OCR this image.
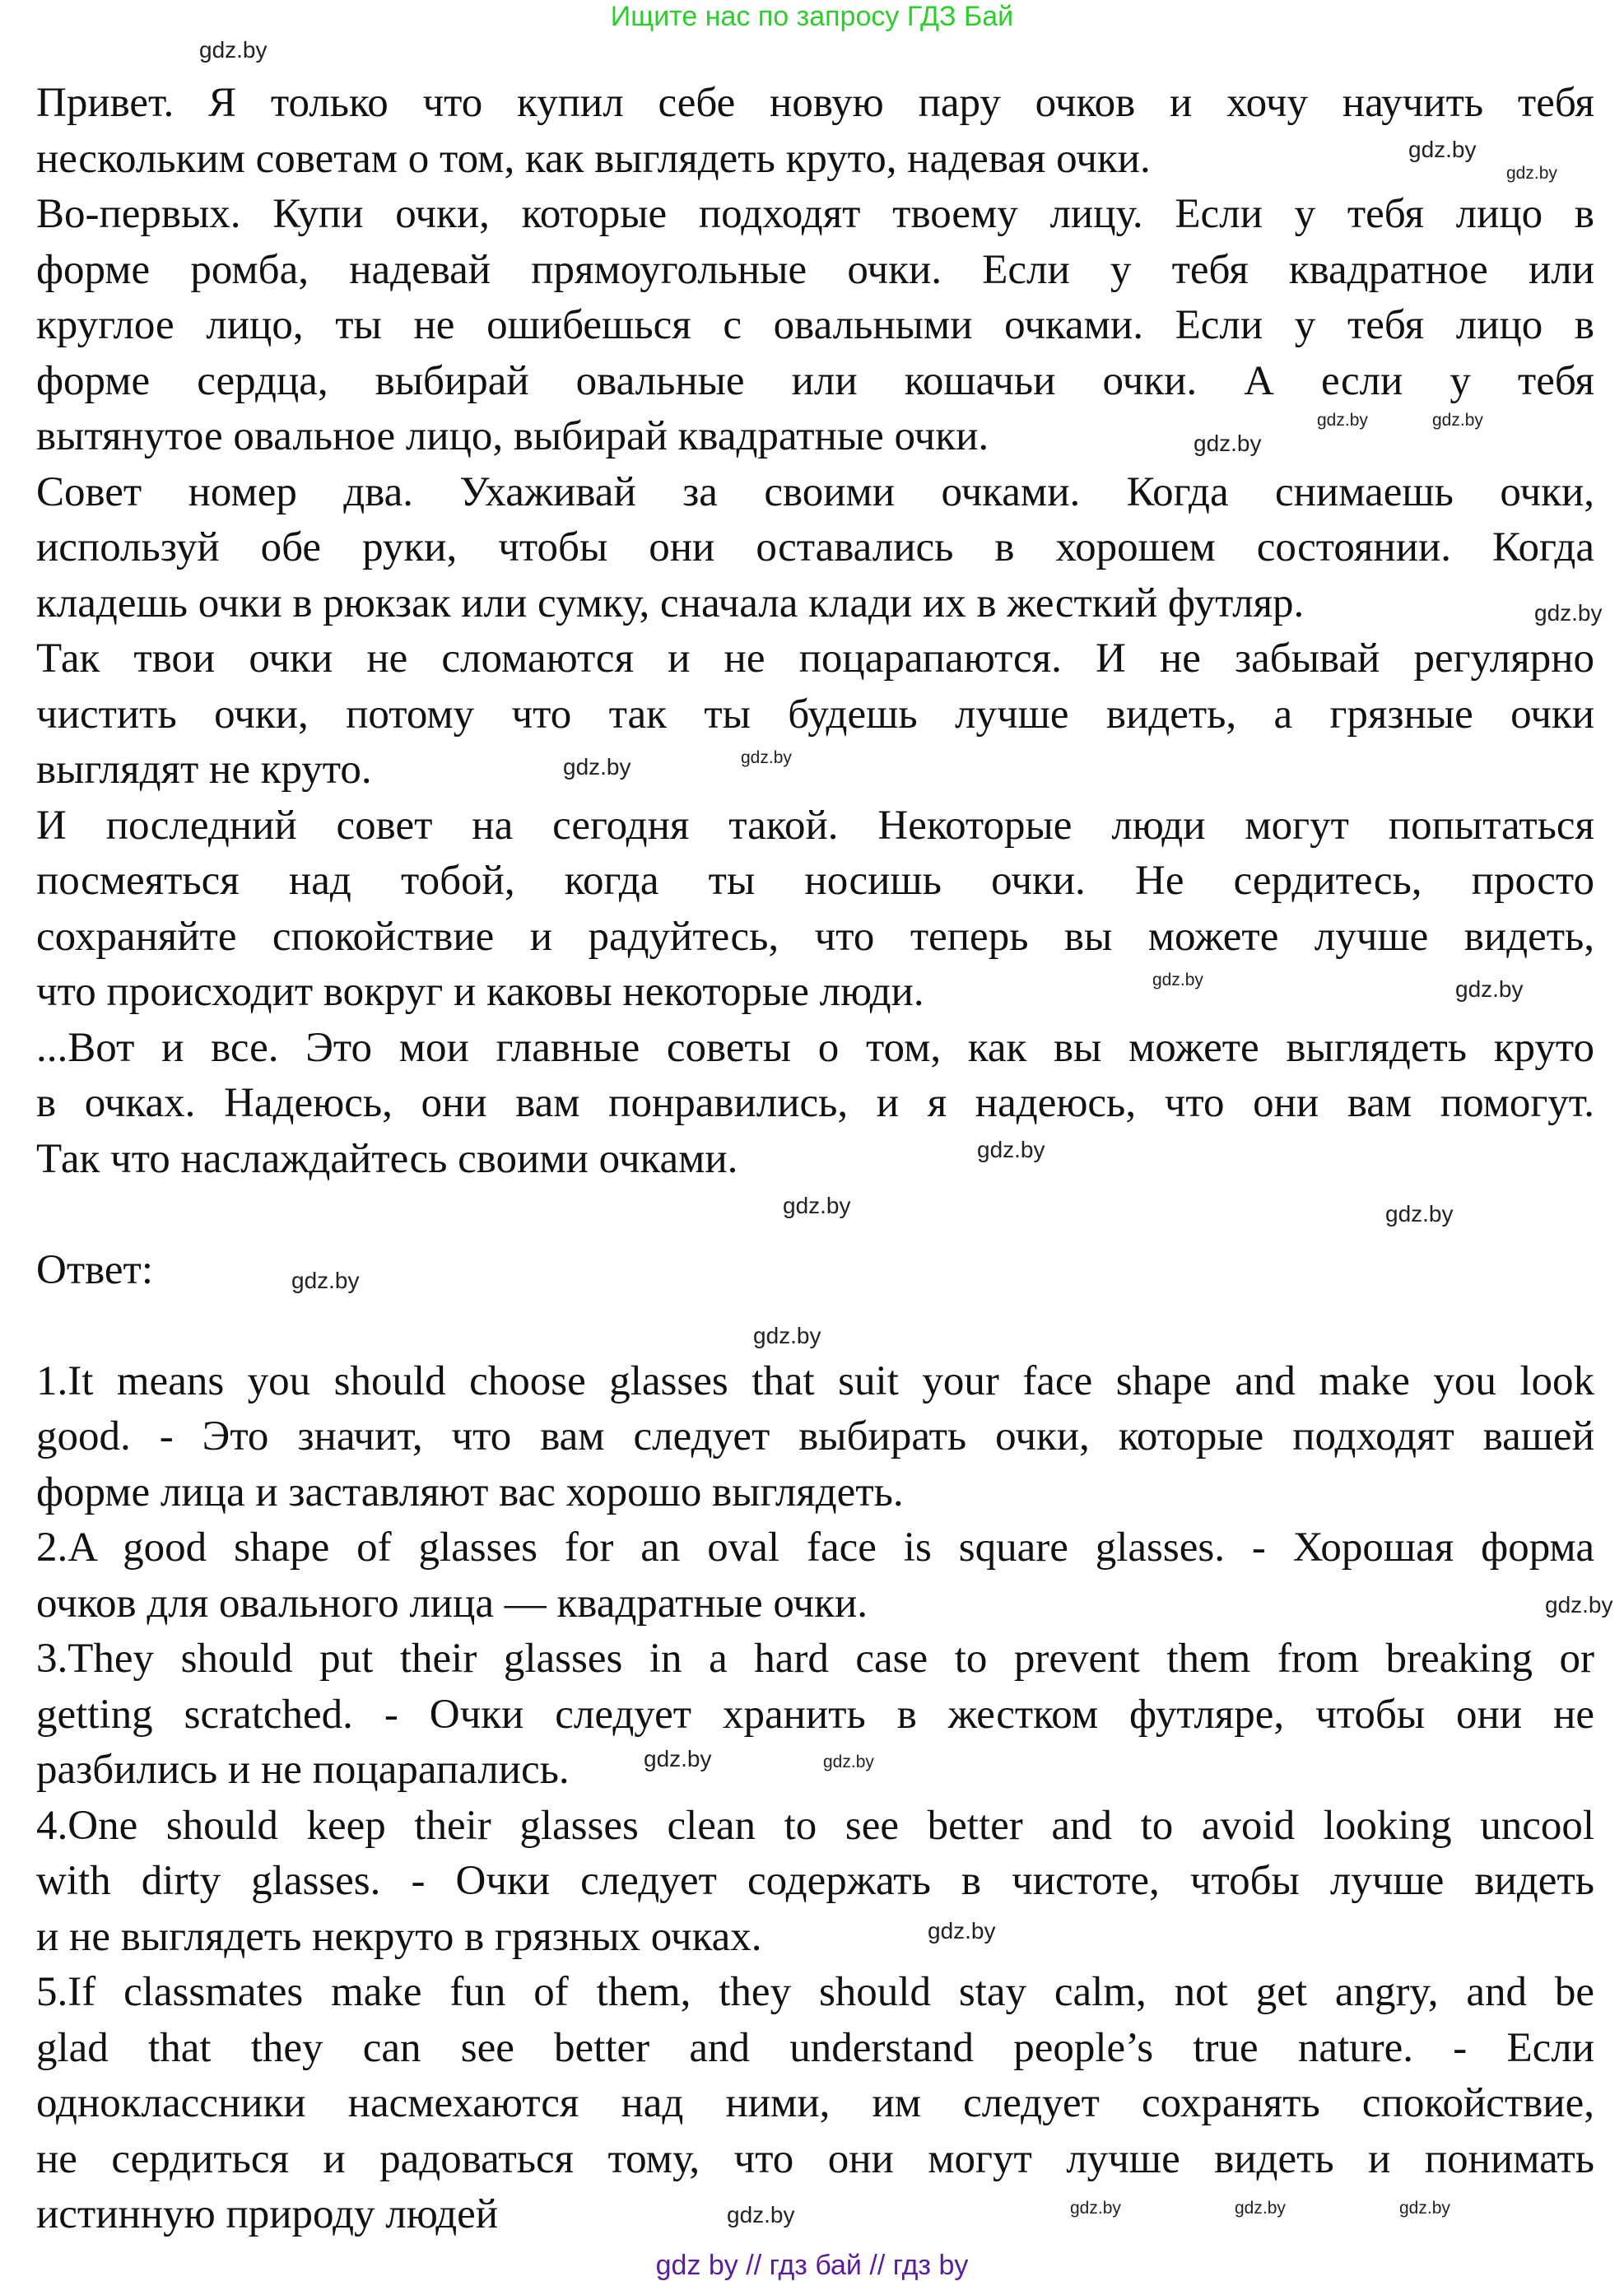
Ищите нас по запросу ГДЗ Бай
Привет. Я только что купил себе новую пару очков и хочу научить тебя
нескольким советам о том, как выглядеть круто, надевая очки.
Во-первых. Купи очки, которые подходят твоему лицу. Если у тебя лицо в
форме ромба, надевай прямоугольные очки. Если у тебя квадратное или
круглое лицо, ты не ошибешься с овальными очками. Если у тебя лицо в
форме сердца, выбирай овальные или кошачьи очки. А если у тебя
вытянутое овальное лицо, выбирай квадратные очки.
Совет номер два. Ухаживай за своими очками. Когда снимаешь очки,
используй обе руки, чтобы они оставались в хорошем состоянии. Когда
кладешь очки в рюкзак или сумку, сначала клади их в жесткий футляр.
Так твои очки не сломаются и не поцарапаются. И не забывай регулярно
чистить очки, потому что так ты будешь лучше видеть, а грязные очки
выглядят не круто.
И последний совет на сегодня такой. Некоторые люди могут попытаться
посмеяться над тобой, когда ты носишь очки. Не сердитесь, просто
сохраняйте спокойствие и радуйтесь, что теперь вы можете лучше видеть,
что происходит вокруг и каковы некоторые люди.
...Вот и все. Это мои главные советы о том, как вы можете выглядеть круто
в очках. Надеюсь, они вам понравились, и я надеюсь, что они вам помогут.
Так что наслаждайтесь своими очками.
Ответ:
1.It means you should choose glasses that suit your face shape and make you look
good. - Это значит, что вам следует выбирать очки, которые подходят вашей
форме лица и заставляют вас хорошо выглядеть.
2.A good shape of glasses for an oval face is square glasses. - Хорошая форма
очков для овального лица — квадратные очки.
3.They should put their glasses in a hard case to prevent them from breaking or
getting scratched. - Очки следует хранить в жестком футляре, чтобы они не
разбились и не поцарапались.
4.One should keep their glasses clean to see better and to avoid looking uncool
with dirty glasses. - Очки следует содержать в чистоте, чтобы лучше видеть
и не выглядеть некруто в грязных очках.
5.If classmates make fun of them, they should stay calm, not get angry, and be
glad that they can see better and understand people’s true nature. - Если
одноклассники насмехаются над ними, им следует сохранять спокойствие,
не сердиться и радоваться тому, что они могут лучше видеть и понимать
истинную природу людей
gdz.by
gdz.by
gdz.by
gdz.by	gdz.by
gdz.by
gdz.by
gdz.by
gdz.by
gdz.by	gdz.by
gdz.by
gdz.by	gdz.by
gdz.by
gdz.by
gdz.by
gdz.by	gdz.by
gdz.by
gdz.by	gdz.by	gdz.by
gdz.by
gdz by // гдз бай // гдз by
